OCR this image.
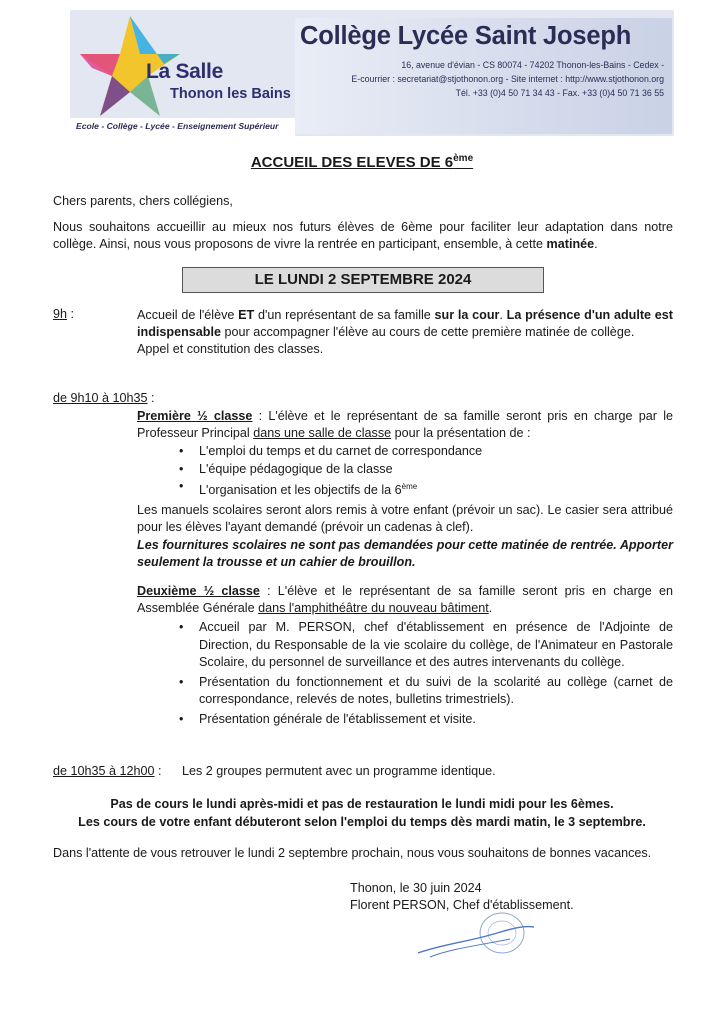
La Salle
Thonon les Bains
Collège Lycée Saint Joseph
16, avenue d'évian - CS 80074 - 74202 Thonon-les-Bains - Cedex -
E-courrier : secretariat@stjothonon.org - Site internet : http://www.stjothonon.org
Tél. +33 (0)4 50 71 34 43 - Fax. +33 (0)4 50 71 36 55
Ecole - Collège - Lycée - Enseignement Supérieur
ACCUEIL DES ELEVES DE 6ème
Chers parents, chers collégiens,
Nous souhaitons accueillir au mieux nos futurs élèves de 6ème pour faciliter leur adaptation dans notre collège. Ainsi, nous vous proposons de vivre la rentrée en participant, ensemble, à cette matinée.
LE LUNDI 2 SEPTEMBRE 2024
9h :	Accueil de l'élève ET d'un représentant de sa famille sur la cour. La présence d'un adulte est indispensable pour accompagner l'élève au cours de cette première matinée de collège.
Appel et constitution des classes.
de 9h10 à 10h35 :
Première ½ classe : L'élève et le représentant de sa famille seront pris en charge par le Professeur Principal dans une salle de classe pour la présentation de :
• L'emploi du temps et du carnet de correspondance
• L'équipe pédagogique de la classe
• L'organisation et les objectifs de la 6ème
Les manuels scolaires seront alors remis à votre enfant (prévoir un sac). Le casier sera attribué pour les élèves l'ayant demandé (prévoir un cadenas à clef).
Les fournitures scolaires ne sont pas demandées pour cette matinée de rentrée. Apporter seulement la trousse et un cahier de brouillon.
Deuxième ½ classe : L'élève et le représentant de sa famille seront pris en charge en Assemblée Générale dans l'amphithéâtre du nouveau bâtiment.
• Accueil par M. PERSON, chef d'établissement en présence de l'Adjointe de Direction, du Responsable de la vie scolaire du collège, de l'Animateur en Pastorale Scolaire, du personnel de surveillance et des autres intervenants du collège.
• Présentation du fonctionnement et du suivi de la scolarité au collège (carnet de correspondance, relevés de notes, bulletins trimestriels).
• Présentation générale de l'établissement et visite.
de 10h35 à 12h00 : Les 2 groupes permutent avec un programme identique.
Pas de cours le lundi après-midi et pas de restauration le lundi midi pour les 6èmes.
Les cours de votre enfant débuteront selon l'emploi du temps dès mardi matin, le 3 septembre.
Dans l'attente de vous retrouver le lundi 2 septembre prochain, nous vous souhaitons de bonnes vacances.
Thonon, le 30 juin 2024
Florent PERSON, Chef d'établissement.
